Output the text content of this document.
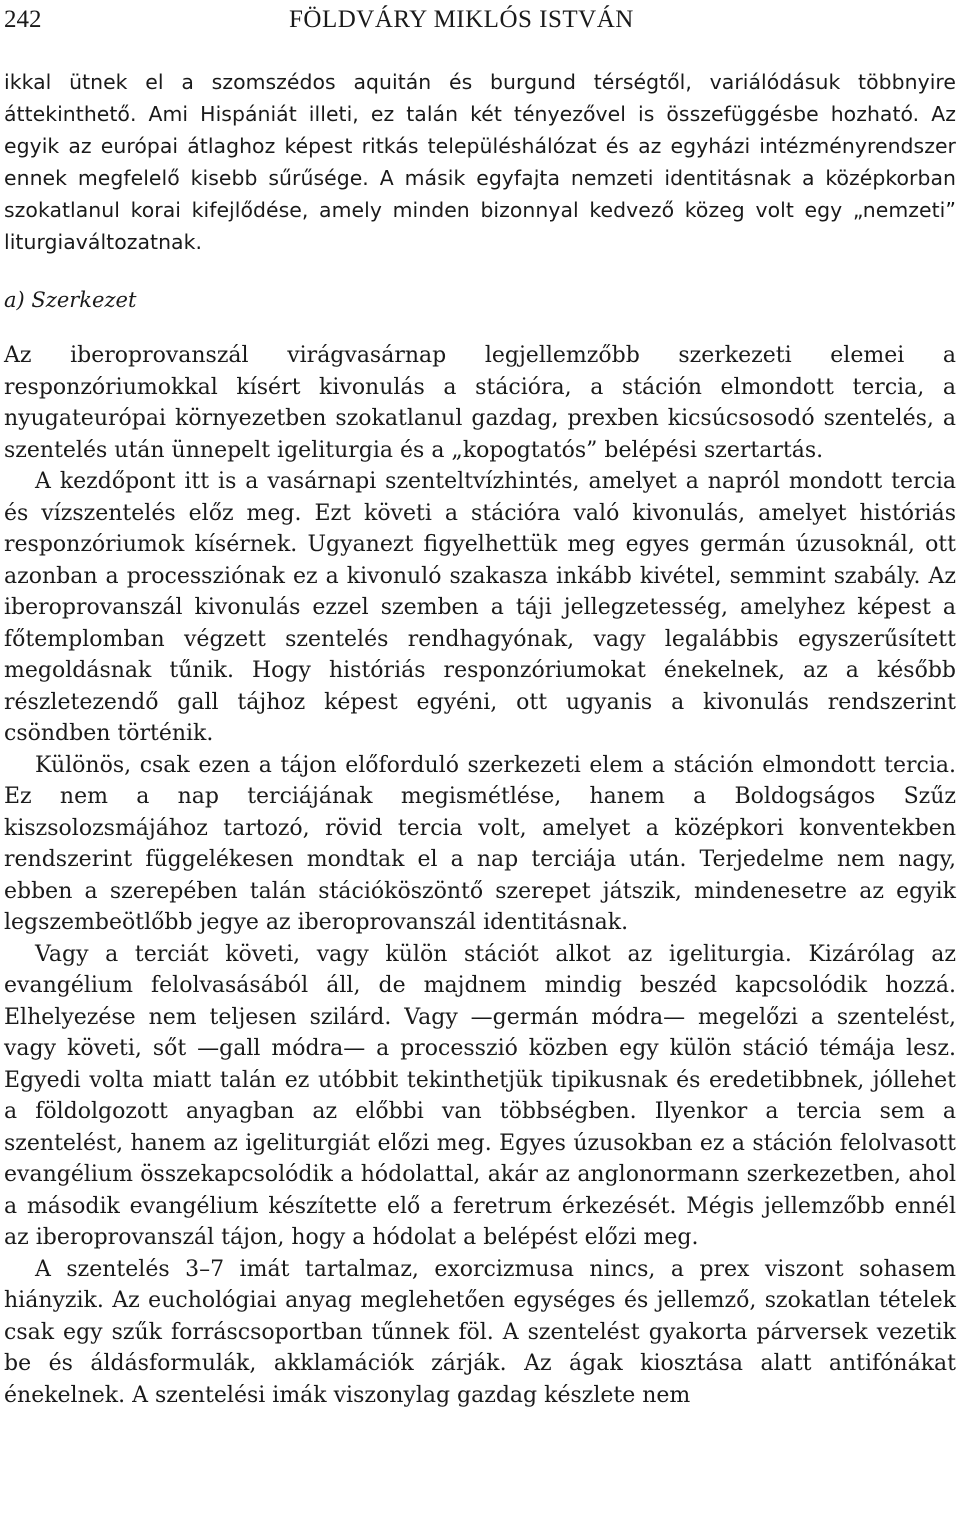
242	FÖLDVÁRY MIKLÓS ISTVÁN

ikkal ütnek el a szomszédos aquitán és burgund térségtől, variálódásuk többnyire áttekinthető. Ami Hispániát illeti, ez talán két tényezővel is összefüggésbe hozható. Az egyik az európai átlaghoz képest ritkás településhálózat és az egyházi intézményrendszer ennek megfelelő kisebb sűrűsége. A másik egyfajta nemzeti identitásnak a középkorban szokatlanul korai kifejlődése, amely minden bizonnyal kedvező közeg volt egy „nemzeti” liturgiaváltozatnak.

a) Szerkezet

Az iberoprovanszál virágvasárnap legjellemzőbb szerkezeti elemei a responzóriumokkal kísért kivonulás a stációra, a stáción elmondott tercia, a nyugateurópai környezetben szokatlanul gazdag, prexben kicsúcsosodó szentelés, a szentelés után ünnepelt igeliturgia és a „kopogtatós” belépési szertartás.

A kezdőpont itt is a vasárnapi szenteltvízhintés, amelyet a napról mondott tercia és vízszentelés előz meg. Ezt követi a stációra való kivonulás, amelyet históriás responzóriumok kísérnek. Ugyanezt figyelhettük meg egyes germán úzusoknál, ott azonban a processziónak ez a kivonuló szakasza inkább kivétel, semmint szabály. Az iberoprovanszál kivonulás ezzel szemben a táji jellegzetesség, amelyhez képest a főtemplomban végzett szentelés rendhagyónak, vagy legalábbis egyszerűsített megoldásnak tűnik. Hogy históriás responzóriumokat énekelnek, az a később részletezendő gall tájhoz képest egyéni, ott ugyanis a kivonulás rendszerint csöndben történik.

Különös, csak ezen a tájon előforduló szerkezeti elem a stáción elmondott tercia. Ez nem a nap terciájának megismétlése, hanem a Boldogságos Szűz kiszsolozsmájához tartozó, rövid tercia volt, amelyet a középkori konventekben rendszerint függelékesen mondtak el a nap terciája után. Terjedelme nem nagy, ebben a szerepében talán stációköszöntő szerepet játszik, mindenesetre az egyik legszembeötlőbb jegye az iberoprovanszál identitásnak.

Vagy a terciát követi, vagy külön stációt alkot az igeliturgia. Kizárólag az evangélium felolvasásából áll, de majdnem mindig beszéd kapcsolódik hozzá. Elhelyezése nem teljesen szilárd. Vagy —germán módra— megelőzi a szentelést, vagy követi, sőt —gall módra— a processzió közben egy külön stáció témája lesz. Egyedi volta miatt talán ez utóbbit tekinthetjük tipikusnak és eredetibbnek, jóllehet a földolgozott anyagban az előbbi van többségben. Ilyenkor a tercia sem a szentelést, hanem az igeliturgiát előzi meg. Egyes úzusokban ez a stáción felolvasott evangélium összekapcsolódik a hódolattal, akár az anglonormann szerkezetben, ahol a második evangélium készítette elő a feretrum érkezését. Mégis jellemzőbb ennél az iberoprovanszál tájon, hogy a hódolat a belépést előzi meg.

A szentelés 3–7 imát tartalmaz, exorcizmusa nincs, a prex viszont sohasem hiányzik. Az euchológiai anyag meglehetően egységes és jellemző, szokatlan tételek csak egy szűk forráscsoportban tűnnek föl. A szentelést gyakorta párversek vezetik be és áldásformulák, akklamációk zárják. Az ágak kiosztása alatt antifónákat énekelnek. A szentelési imák viszonylag gazdag készlete nem
